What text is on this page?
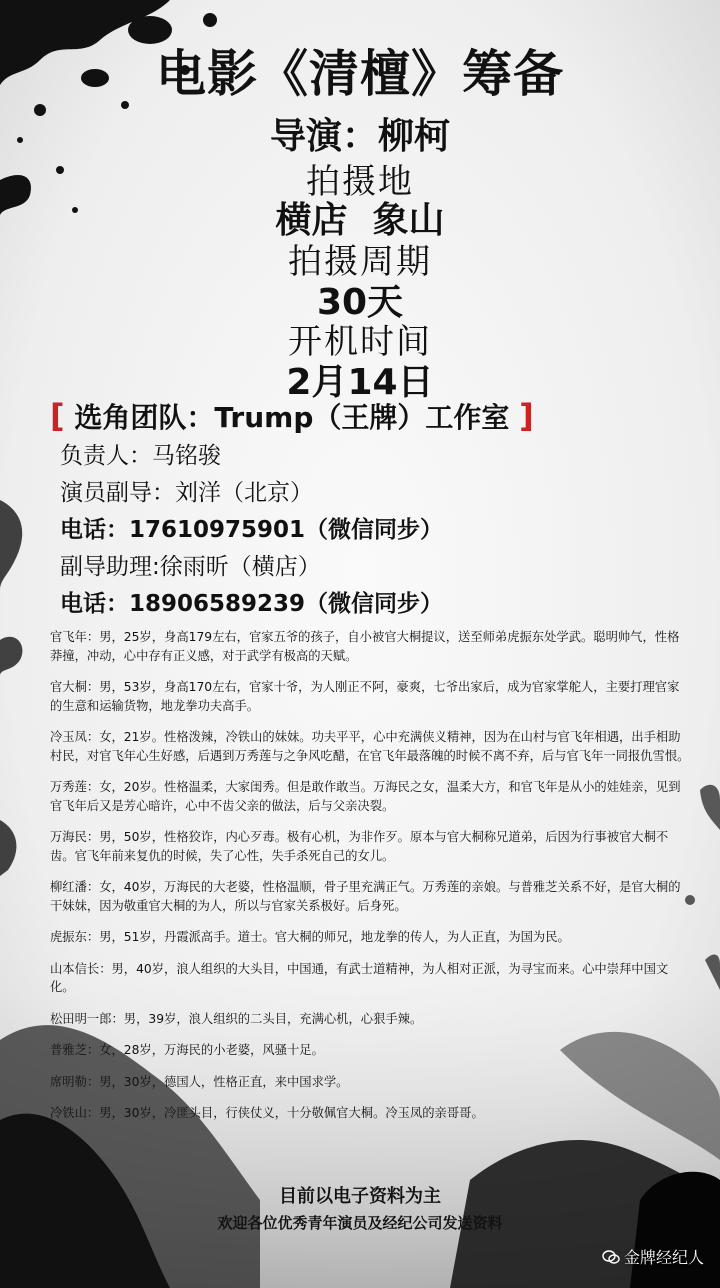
电影《清檀》筹备
导演：柳柯
拍摄地
横店  象山
拍摄周期
30天
开机时间
2月14日
[ 选角团队：Trump（王牌）工作室 ]
负责人：马铭骏
演员副导：刘洋（北京）
电话：17610975901（微信同步）
副导助理:徐雨昕（横店）
电话：18906589239（微信同步）

官飞年：男，25岁，身高179左右，官家五爷的孩子，自小被官大桐提议，送至师弟虎振东处学武。聪明帅气，性格莽撞，冲动，心中存有正义感，对于武学有极高的天赋。

官大桐：男，53岁，身高170左右，官家十爷，为人刚正不阿，豪爽，七爷出家后，成为官家掌舵人，主要打理官家的生意和运输货物，地龙拳功夫高手。

冷玉凤：女，21岁。性格泼辣，冷铁山的妹妹。功夫平平，心中充满侠义精神，因为在山村与官飞年相遇，出手相助村民，对官飞年心生好感，后遇到万秀莲与之争风吃醋，在官飞年最落魄的时候不离不弃，后与官飞年一同报仇雪恨。

万秀莲：女，20岁。性格温柔，大家闺秀。但是敢作敢当。万海民之女，温柔大方，和官飞年是从小的娃娃亲，见到官飞年后又是芳心暗许，心中不齿父亲的做法，后与父亲决裂。

万海民：男，50岁，性格狡诈，内心歹毒。极有心机，为非作歹。原本与官大桐称兄道弟，后因为行事被官大桐不齿。官飞年前来复仇的时候，失了心性，失手杀死自己的女儿。

柳红潘：女，40岁，万海民的大老婆，性格温顺，骨子里充满正气。万秀莲的亲娘。与普雅芝关系不好，是官大桐的干妹妹，因为敬重官大桐的为人，所以与官家关系极好。后身死。

虎振东：男，51岁，丹霞派高手。道士。官大桐的师兄，地龙拳的传人，为人正直，为国为民。

山本信长：男，40岁，浪人组织的大头目，中国通，有武士道精神，为人相对正派，为寻宝而来。心中崇拜中国文化。

松田明一郎：男，39岁，浪人组织的二头目，充满心机，心狠手辣。

普雅芝：女，28岁，万海民的小老婆，风骚十足。

席明勒：男，30岁，德国人，性格正直，来中国求学。

冷铁山：男，30岁，冷匪头目，行侠仗义，十分敬佩官大桐。冷玉凤的亲哥哥。

目前以电子资料为主
欢迎各位优秀青年演员及经纪公司发送资料
金牌经纪人
